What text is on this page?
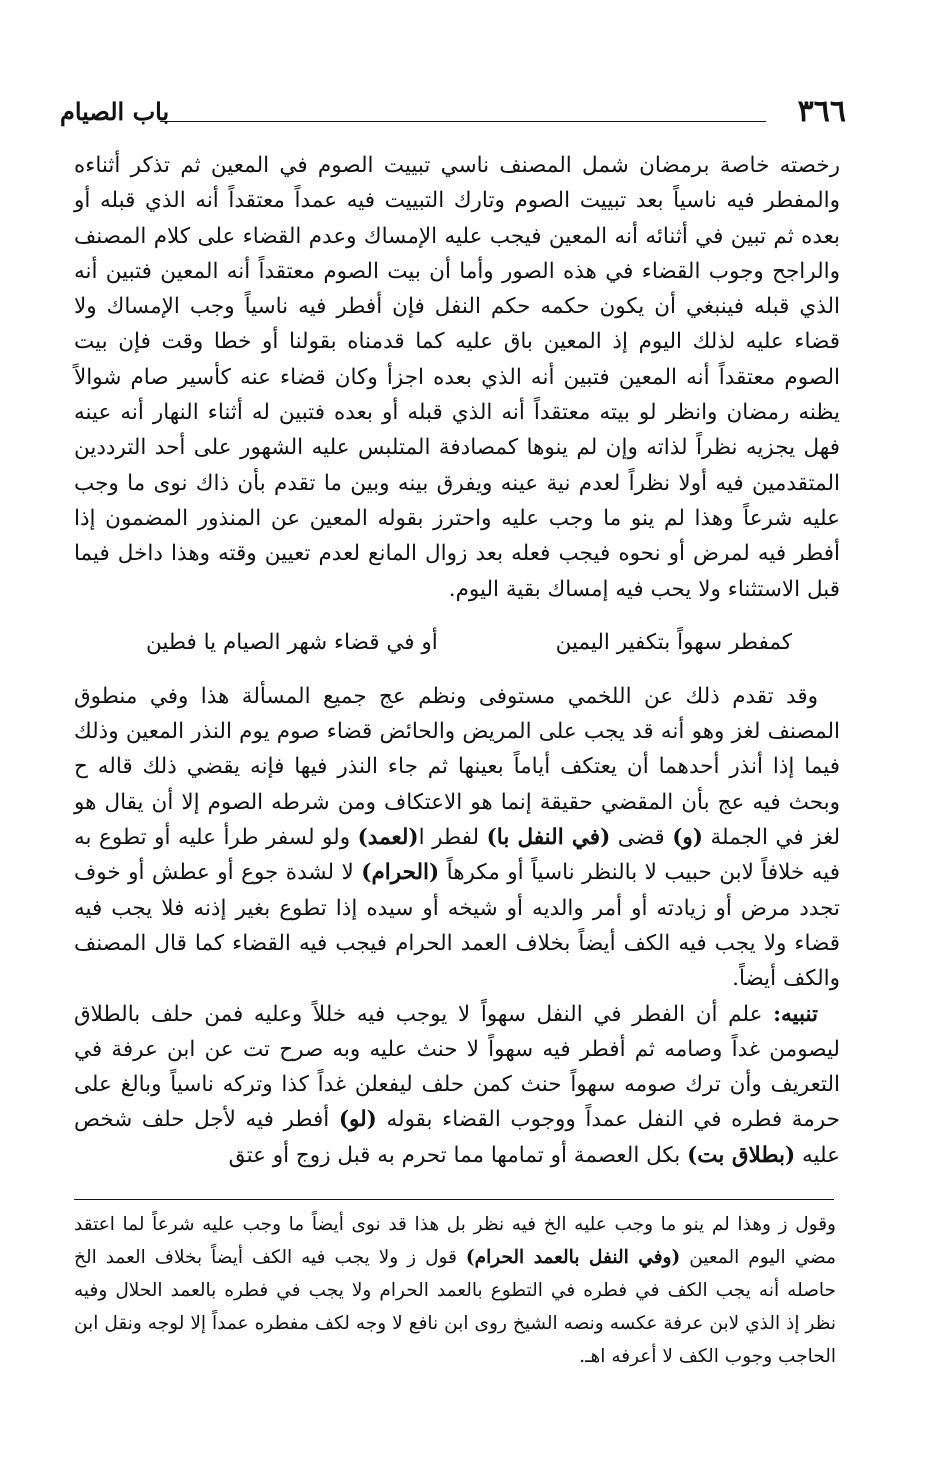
٣٦٦
باب الصيام

رخصته خاصة برمضان شمل المصنف ناسي تبييت الصوم في المعين ثم تذكر أثناءه والمفطر فيه ناسياً بعد تبييت الصوم وتارك التبييت فيه عمداً معتقداً أنه الذي قبله أو بعده ثم تبين في أثنائه أنه المعين فيجب عليه الإمساك وعدم القضاء على كلام المصنف والراجح وجوب القضاء في هذه الصور وأما أن بيت الصوم معتقداً أنه المعين فتبين أنه الذي قبله فينبغي أن يكون حكمه حكم النفل فإن أفطر فيه ناسياً وجب الإمساك ولا قضاء عليه لذلك اليوم إذ المعين باق عليه كما قدمناه بقولنا أو خطا وقت فإن بيت الصوم معتقداً أنه المعين فتبين أنه الذي بعده اجزأ وكان قضاء عنه كأسير صام شوالاً يظنه رمضان وانظر لو بيته معتقداً أنه الذي قبله أو بعده فتبين له أثناء النهار أنه عينه فهل يجزيه نظراً لذاته وإن لم ينوها كمصادفة المتلبس عليه الشهور على أحد الترددين المتقدمين فيه أولا نظراً لعدم نية عينه ويفرق بينه وبين ما تقدم بأن ذاك نوى ما وجب عليه شرعاً وهذا لم ينو ما وجب عليه واحترز بقوله المعين عن المنذور المضمون إذا أفطر فيه لمرض أو نحوه فيجب فعله بعد زوال المانع لعدم تعيين وقته وهذا داخل فيما قبل الاستثناء ولا يحب فيه إمساك بقية اليوم.

كمفطر سهواً بتكفير اليمين
أو في قضاء شهر الصيام يا فطين

وقد تقدم ذلك عن اللخمي مستوفى ونظم عج جميع المسألة هذا وفي منطوق المصنف لغز وهو أنه قد يجب على المريض والحائض قضاء صوم يوم النذر المعين وذلك فيما إذا أنذر أحدهما أن يعتكف أياماً بعينها ثم جاء النذر فيها فإنه يقضي ذلك قاله ح وبحث فيه عج بأن المقضي حقيقة إنما هو الاعتكاف ومن شرطه الصوم إلا أن يقال هو لغز في الجملة (و) قضى (في النفل با) لفطر ا(لعمد) ولو لسفر طرأ عليه أو تطوع به فيه خلافاً لابن حبيب لا بالنظر ناسياً أو مكرهاً (الحرام) لا لشدة جوع أو عطش أو خوف تجدد مرض أو زيادته أو أمر والديه أو شيخه أو سيده إذا تطوع بغير إذنه فلا يجب فيه قضاء ولا يجب فيه الكف أيضاً بخلاف العمد الحرام فيجب فيه القضاء كما قال المصنف والكف أيضاً.

تنبيه: علم أن الفطر في النفل سهواً لا يوجب فيه خللاً وعليه فمن حلف بالطلاق ليصومن غداً وصامه ثم أفطر فيه سهواً لا حنث عليه وبه صرح تت عن ابن عرفة في التعريف وأن ترك صومه سهواً حنث كمن حلف ليفعلن غداً كذا وتركه ناسياً وبالغ على حرمة فطره في النفل عمداً ووجوب القضاء بقوله (لو) أفطر فيه لأجل حلف شخص عليه (بطلاق بت) بكل العصمة أو تمامها مما تحرم به قبل زوج أو عتق

وقول ز وهذا لم ينو ما وجب عليه الخ فيه نظر بل هذا قد نوى أيضاً ما وجب عليه شرعاً لما اعتقد مضي اليوم المعين (وفي النفل بالعمد الحرام) قول ز ولا يجب فيه الكف أيضاً بخلاف العمد الخ حاصله أنه يجب الكف في فطره في التطوع بالعمد الحرام ولا يجب في فطره بالعمد الحلال وفيه نظر إذ الذي لابن عرفة عكسه ونصه الشيخ روى ابن نافع لا وجه لكف مفطره عمداً إلا لوجه ونقل ابن الحاجب وجوب الكف لا أعرفه اهـ.
